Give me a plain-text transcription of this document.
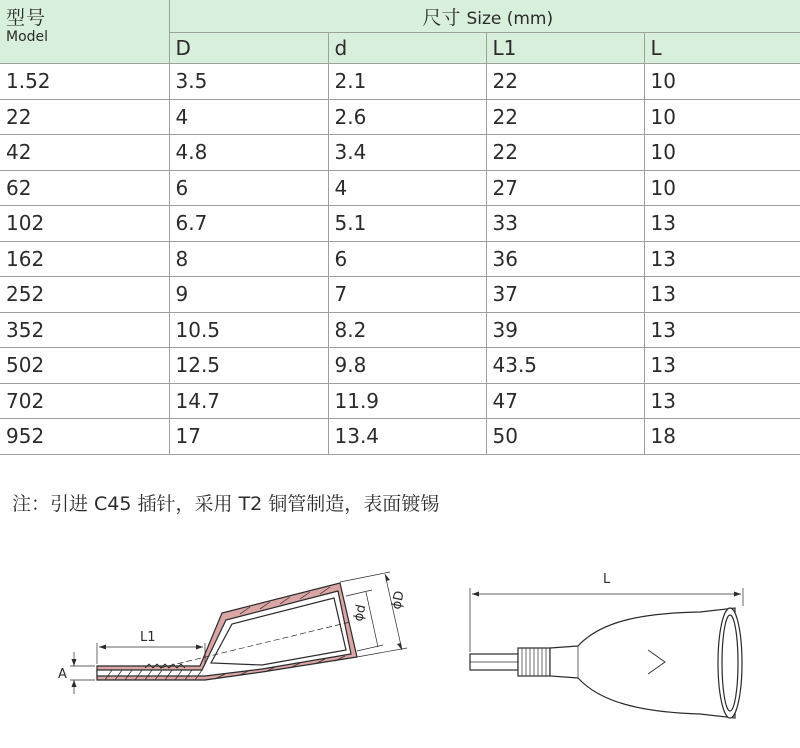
型号
Model	尺寸 Size (mm)			
	D	d	L1	L
1.52	3.5	2.1	22	10
22	4	2.6	22	10
42	4.8	3.4	22	10
62	6	4	27	10
102	6.7	5.1	33	13
162	8	6	36	13
252	9	7	37	13
352	10.5	8.2	39	13
502	12.5	9.8	43.5	13
702	14.7	11.9	47	13
952	17	13.4	50	18
注：引进 C45 插针，采用 T2 铜管制造，表面镀锡
L1
A
ϕd
ϕD
L
